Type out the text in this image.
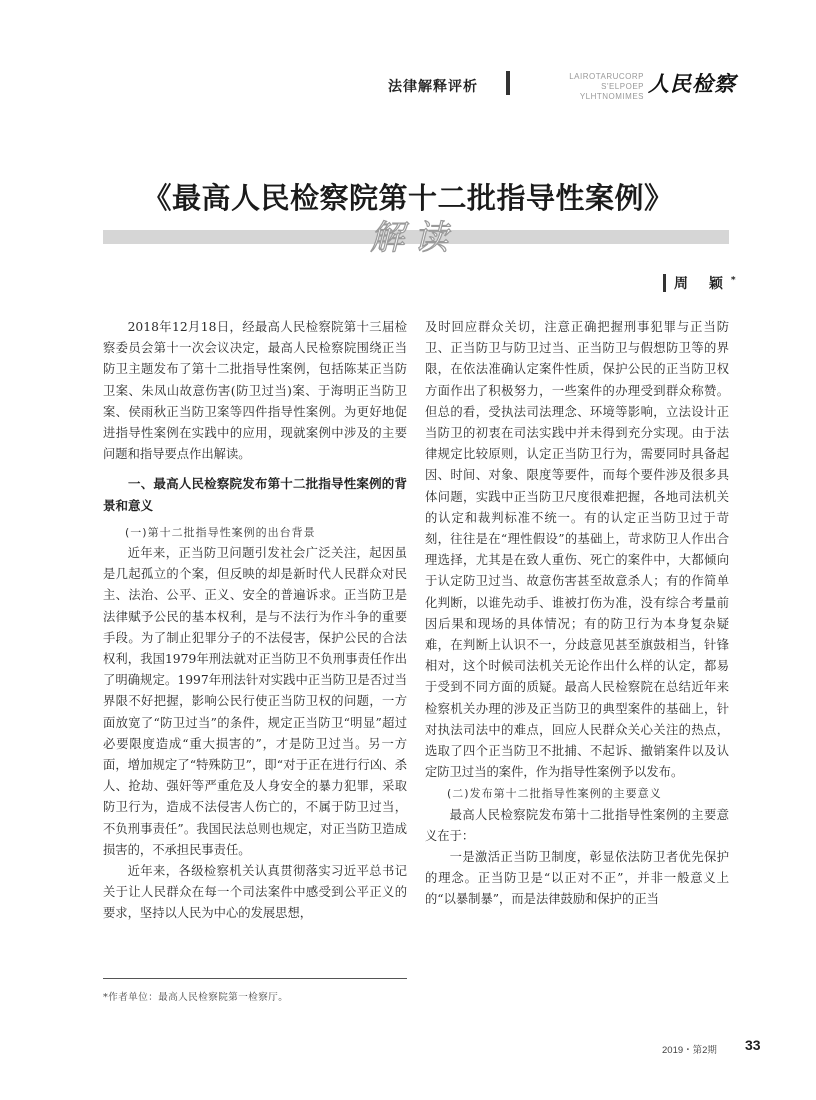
法律解释评析
LAIROTARUCORP S'ELPOEP
YLHTNOMIMES
人民检察
《最高人民检察院第十二批指导性案例》
解读
周 颖*

2018年12月18日，经最高人民检察院第十三届检察委员会第十一次会议决定，最高人民检察院围绕正当防卫主题发布了第十二批指导性案例，包括陈某正当防卫案、朱凤山故意伤害(防卫过当)案、于海明正当防卫案、侯雨秋正当防卫案等四件指导性案例。为更好地促进指导性案例在实践中的应用，现就案例中涉及的主要问题和指导要点作出解读。

一、最高人民检察院发布第十二批指导性案例的背景和意义
(一)第十二批指导性案例的出台背景

近年来，正当防卫问题引发社会广泛关注，起因虽是几起孤立的个案，但反映的却是新时代人民群众对民主、法治、公平、正义、安全的普遍诉求。正当防卫是法律赋予公民的基本权利，是与不法行为作斗争的重要手段。为了制止犯罪分子的不法侵害，保护公民的合法权利，我国1979年刑法就对正当防卫不负刑事责任作出了明确规定。1997年刑法针对实践中正当防卫是否过当界限不好把握，影响公民行使正当防卫权的问题，一方面放宽了“防卫过当”的条件，规定正当防卫“明显”超过必要限度造成“重大损害的”，才是防卫过当。另一方面，增加规定了“特殊防卫”，即“对于正在进行行凶、杀人、抢劫、强奸等严重危及人身安全的暴力犯罪，采取防卫行为，造成不法侵害人伤亡的，不属于防卫过当，不负刑事责任”。我国民法总则也规定，对正当防卫造成损害的，不承担民事责任。

近年来，各级检察机关认真贯彻落实习近平总书记关于让人民群众在每一个司法案件中感受到公平正义的要求，坚持以人民为中心的发展思想，

及时回应群众关切，注意正确把握刑事犯罪与正当防卫、正当防卫与防卫过当、正当防卫与假想防卫等的界限，在依法准确认定案件性质，保护公民的正当防卫权方面作出了积极努力，一些案件的办理受到群众称赞。但总的看，受执法司法理念、环境等影响，立法设计正当防卫的初衷在司法实践中并未得到充分实现。由于法律规定比较原则，认定正当防卫行为，需要同时具备起因、时间、对象、限度等要件，而每个要件涉及很多具体问题，实践中正当防卫尺度很难把握，各地司法机关的认定和裁判标准不统一。有的认定正当防卫过于苛刻，往往是在“理性假设”的基础上，苛求防卫人作出合理选择，尤其是在致人重伤、死亡的案件中，大都倾向于认定防卫过当、故意伤害甚至故意杀人；有的作简单化判断，以谁先动手、谁被打伤为准，没有综合考量前因后果和现场的具体情况；有的防卫行为本身复杂疑难，在判断上认识不一，分歧意见甚至旗鼓相当，针锋相对，这个时候司法机关无论作出什么样的认定，都易于受到不同方面的质疑。最高人民检察院在总结近年来检察机关办理的涉及正当防卫的典型案件的基础上，针对执法司法中的难点，回应人民群众关心关注的热点，选取了四个正当防卫不批捕、不起诉、撤销案件以及认定防卫过当的案件，作为指导性案例予以发布。

(二)发布第十二批指导性案例的主要意义

最高人民检察院发布第十二批指导性案例的主要意义在于：

一是激活正当防卫制度，彰显依法防卫者优先保护的理念。正当防卫是“以正对不正”，并非一般意义上的“以暴制暴”，而是法律鼓励和保护的正当

*作者单位：最高人民检察院第一检察厅。
2019・第2期 33
